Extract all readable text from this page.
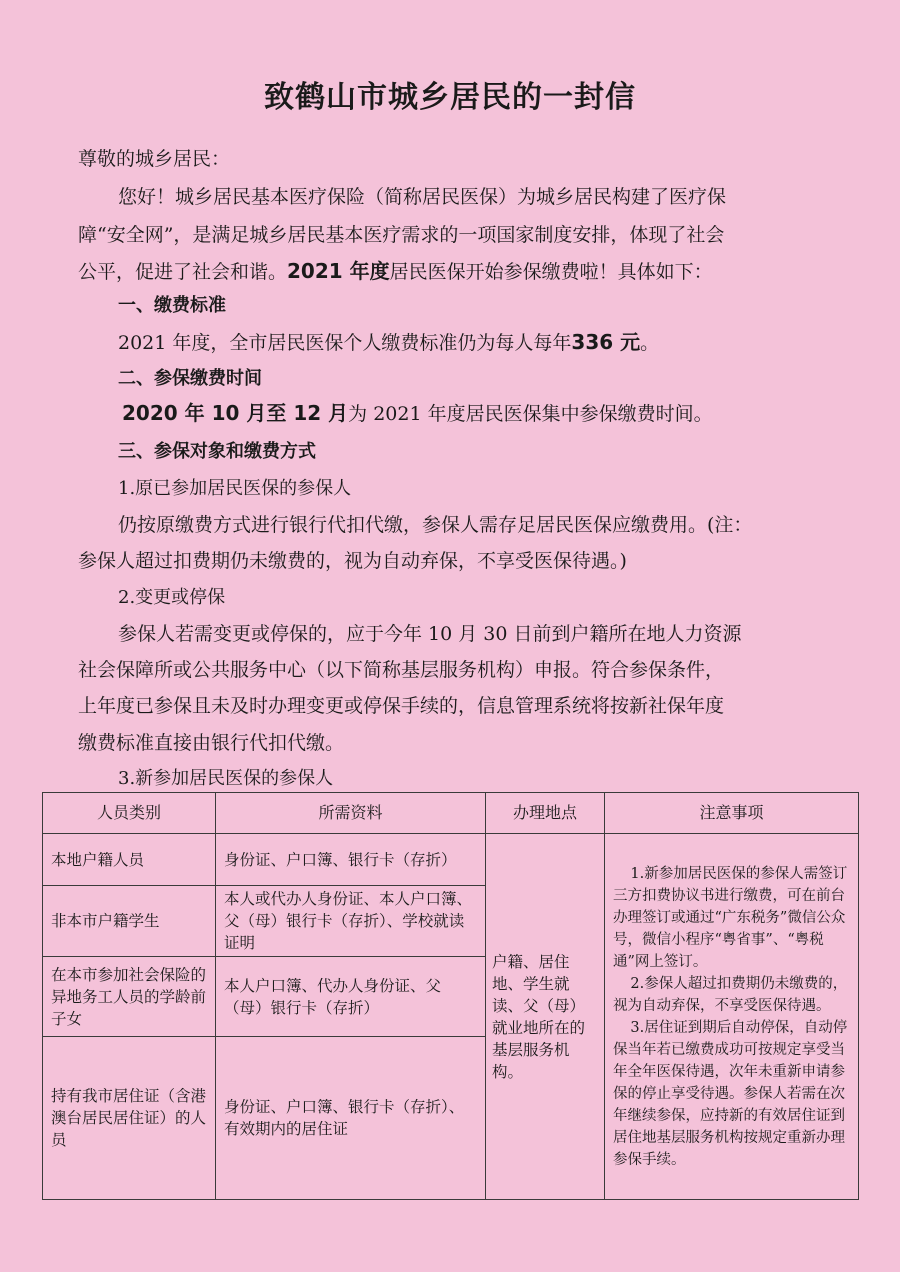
致鹤山市城乡居民的一封信
尊敬的城乡居民：
您好！城乡居民基本医疗保险（简称居民医保）为城乡居民构建了医疗保
障“安全网”，是满足城乡居民基本医疗需求的一项国家制度安排，体现了社会
公平，促进了社会和谐。2021 年度居民医保开始参保缴费啦！具体如下：
一、缴费标准
2021 年度，全市居民医保个人缴费标准仍为每人每年336 元。
二、参保缴费时间
2020 年 10 月至 12 月为 2021 年度居民医保集中参保缴费时间。
三、参保对象和缴费方式
1.原已参加居民医保的参保人
仍按原缴费方式进行银行代扣代缴，参保人需存足居民医保应缴费用。(注：
参保人超过扣费期仍未缴费的，视为自动弃保，不享受医保待遇。)
2.变更或停保
参保人若需变更或停保的，应于今年 10 月 30 日前到户籍所在地人力资源
社会保障所或公共服务中心（以下简称基层服务机构）申报。符合参保条件，
上年度已参保且未及时办理变更或停保手续的，信息管理系统将按新社保年度
缴费标准直接由银行代扣代缴。
3.新参加居民医保的参保人
人员类别	所需资料	办理地点	注意事项
本地户籍人员	身份证、户口簿、银行卡（存折）	户籍、居住地、学生就读、父（母）就业地所在的基层服务机构。	1.新参加居民医保的参保人需签订三方扣费协议书进行缴费，可在前台办理签订或通过“广东税务”微信公众号，微信小程序“粤省事”、“粤税通”网上签订。

2.参保人超过扣费期仍未缴费的，视为自动弃保，不享受医保待遇。

3.居住证到期后自动停保，自动停保当年若已缴费成功可按规定享受当年全年医保待遇，次年未重新申请参保的停止享受待遇。参保人若需在次年继续参保，应持新的有效居住证到居住地基层服务机构按规定重新办理参保手续。

非本市户籍学生	本人或代办人身份证、本人户口簿、父（母）银行卡（存折）、学校就读证明		
在本市参加社会保险的异地务工人员的学龄前子女	本人户口簿、代办人身份证、父（母）银行卡（存折）		
持有我市居住证（含港澳台居民居住证）的人员	身份证、户口簿、银行卡（存折）、有效期内的居住证		
